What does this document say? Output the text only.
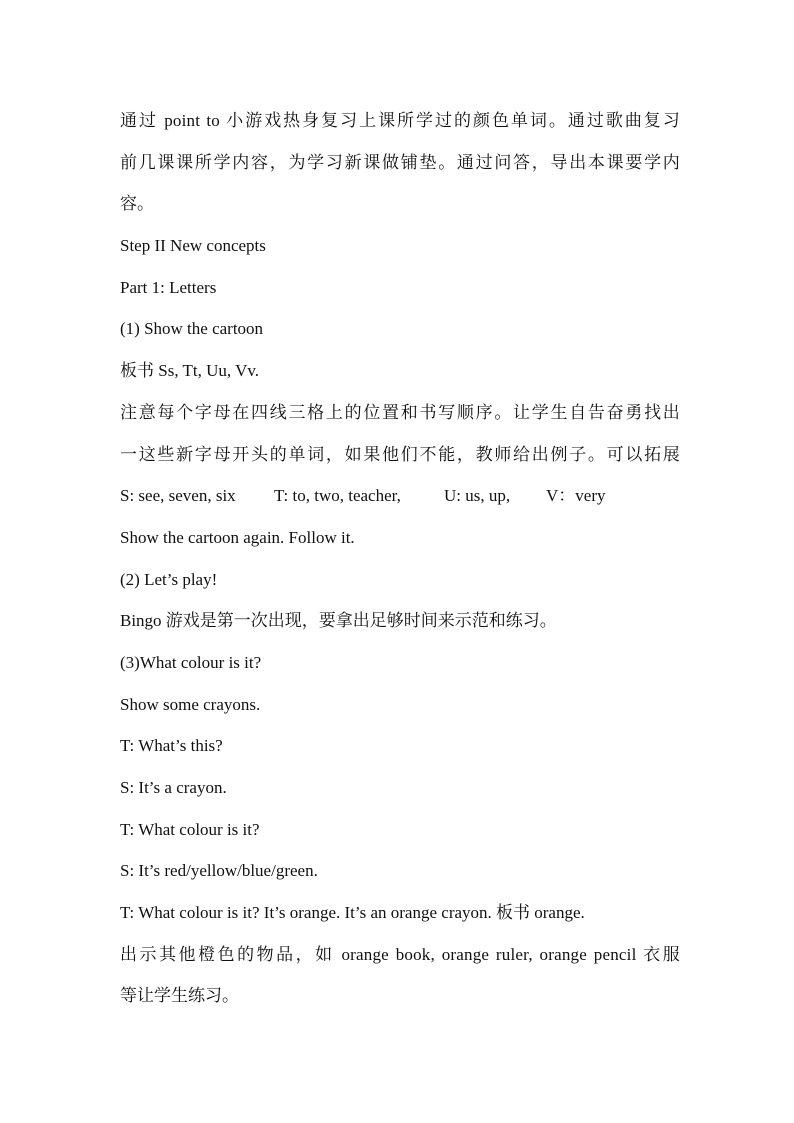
通过 point to 小游戏热身复习上课所学过的颜色单词。通过歌曲复习
前几课课所学内容，为学习新课做铺垫。通过问答，导出本课要学内
容。
Step II New concepts
Part 1: Letters
(1) Show the cartoon
板书 Ss, Tt, Uu, Vv.
注意每个字母在四线三格上的位置和书写顺序。让学生自告奋勇找出
一这些新字母开头的单词，如果他们不能，教师给出例子。可以拓展
S: see, seven, six T: to, two, teacher,	U: us, up, V：very
Show the cartoon again. Follow it.
(2) Let’s play!
Bingo 游戏是第一次出现，要拿出足够时间来示范和练习。
(3)What colour is it?
Show some crayons.
T: What’s this?
S: It’s a crayon.
T: What colour is it?
S: It’s red/yellow/blue/green.
T: What colour is it? It’s orange. It’s an orange crayon. 板书 orange.
出示其他橙色的物品，如 orange book, orange ruler, orange pencil 衣服
等让学生练习。
